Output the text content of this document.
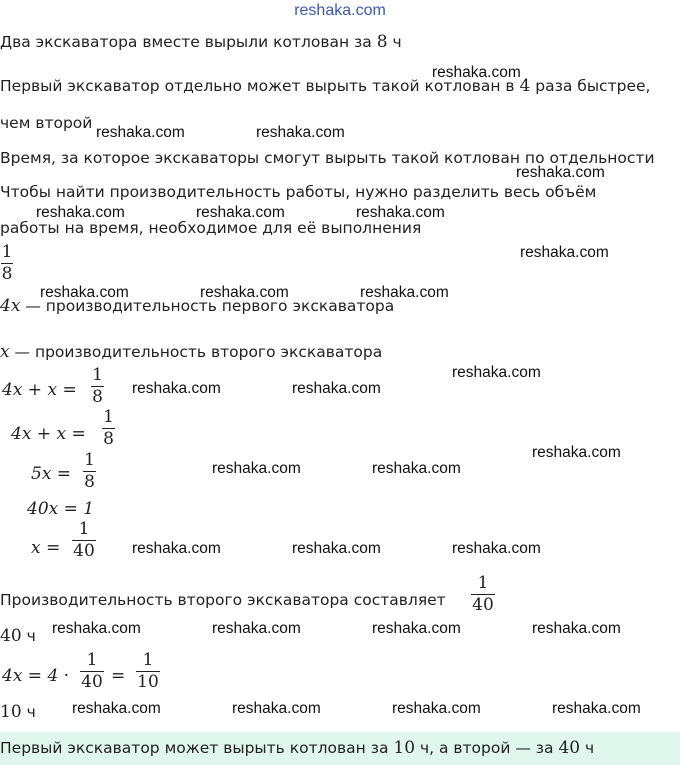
reshaka.com
Два экскаватора вместе вырыли котлован за 8 ч
Первый экскаватор отдельно может вырыть такой котлован в 4 раза быстрее,
чем второй
Время, за которое экскаваторы смогут вырыть такой котлован по отдельности
Чтобы найти производительность работы, нужно разделить весь объём
работы на время, необходимое для её выполнения
1
8
4x — производительность первого экскаватора
x — производительность второго экскаватора
4x + x =
1
8
4x + x =
1
8
5x =
1
8
40x = 1
x =
1
40
Производительность второго экскаватора составляет
1
40
40 ч
4x = 4 ·
1
40 =
1
10
10 ч
Первый экскаватор может вырыть котлован за 10 ч, а второй — за 40 ч
reshaka.com
reshaka.com	reshaka.com
reshaka.com
reshaka.com	reshaka.com	reshaka.com
reshaka.com
reshaka.com	reshaka.com	reshaka.com
reshaka.com
reshaka.com	reshaka.com
reshaka.com
reshaka.com	reshaka.com
reshaka.com	reshaka.com	reshaka.com
reshaka.com	reshaka.com	reshaka.com	reshaka.com
reshaka.com	reshaka.com	reshaka.com	reshaka.com
